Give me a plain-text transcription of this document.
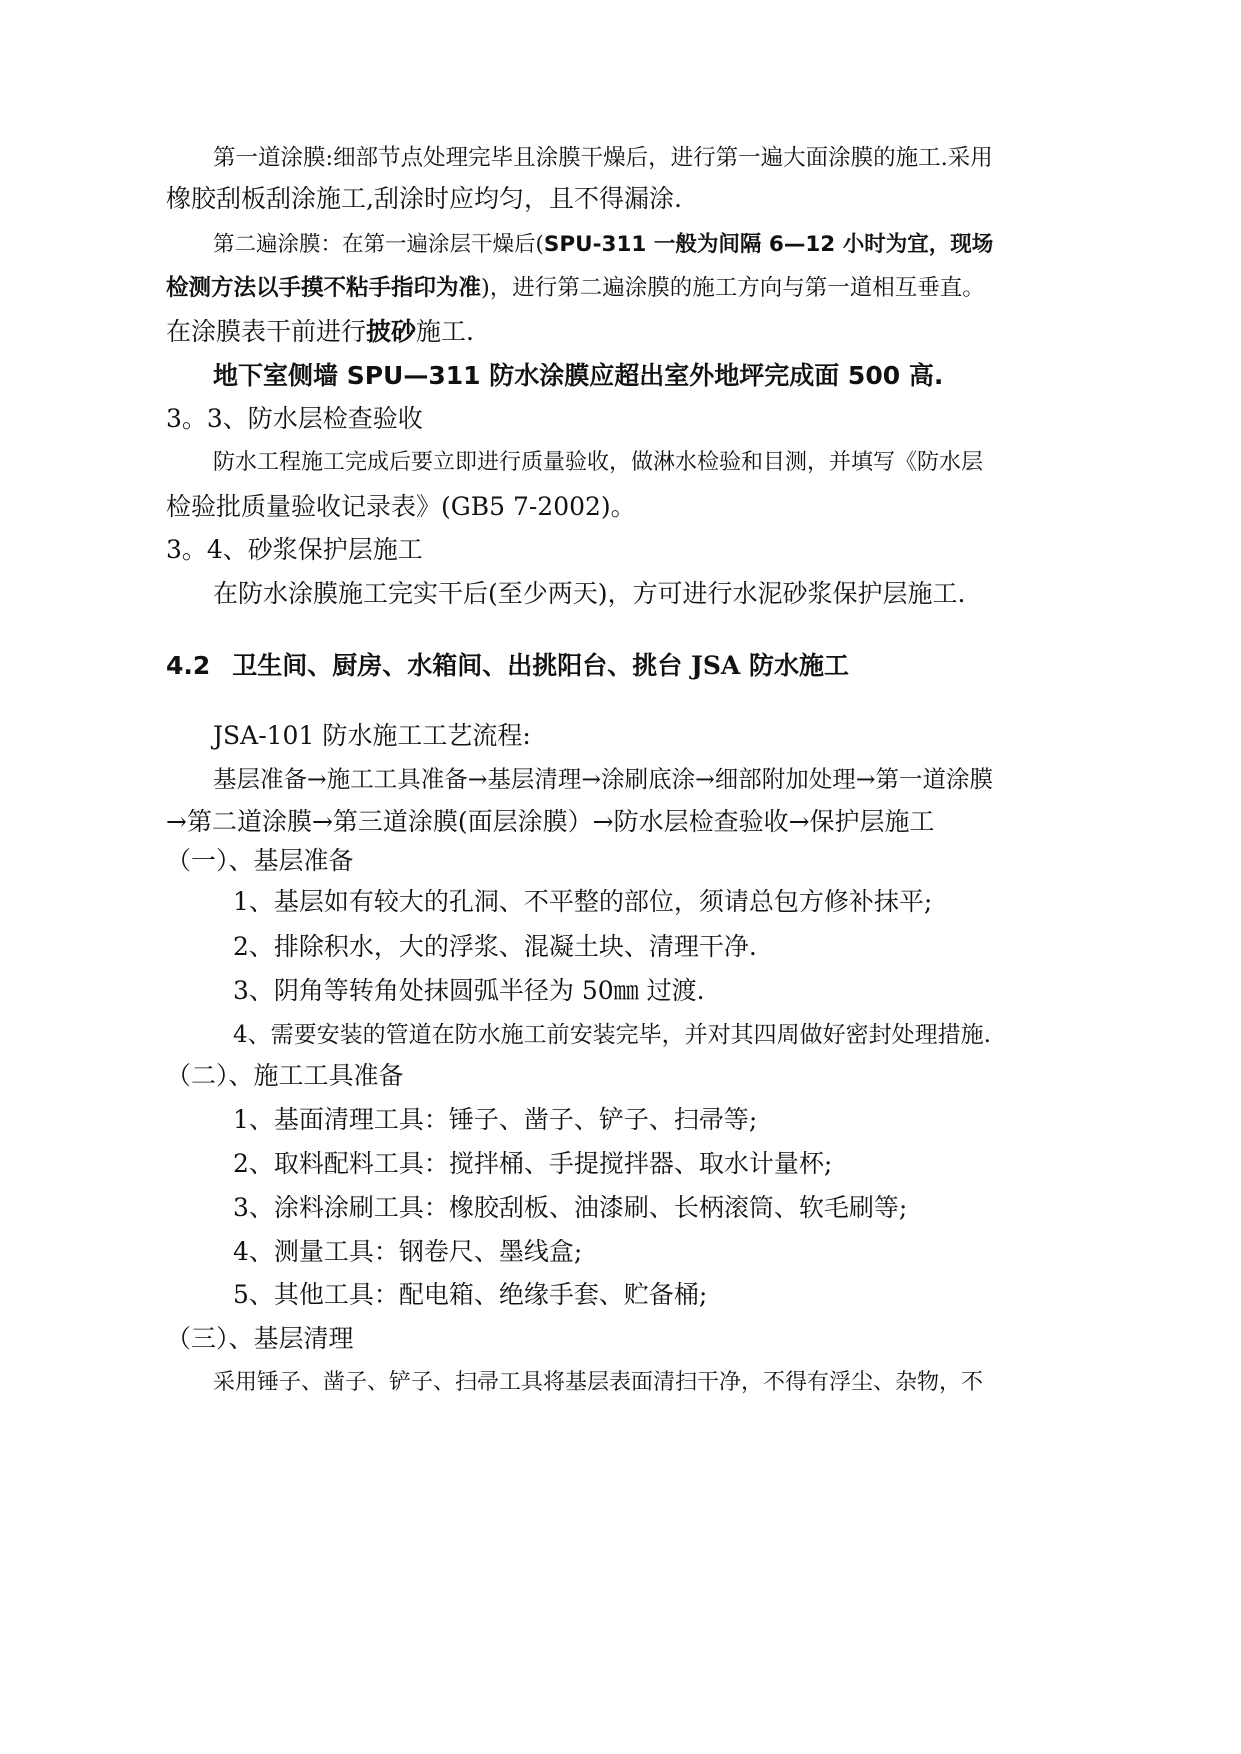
第一道涂膜:细部节点处理完毕且涂膜干燥后，进行第一遍大面涂膜的施工.采用
橡胶刮板刮涂施工,刮涂时应均匀，且不得漏涂.
第二遍涂膜：在第一遍涂层干燥后(SPU-311 一般为间隔 6—12 小时为宜，现场
检测方法以手摸不粘手指印为准)，进行第二遍涂膜的施工方向与第一道相互垂直。
在涂膜表干前进行披砂施工.
地下室侧墙 SPU—311 防水涂膜应超出室外地坪完成面 500 高.
3。3、防水层检查验收
防水工程施工完成后要立即进行质量验收，做淋水检验和目测，并填写《防水层
检验批质量验收记录表》(GB5 7-2002)。
3。4、砂浆保护层施工
在防水涂膜施工完实干后(至少两天)，方可进行水泥砂浆保护层施工.
4.2 卫生间、厨房、水箱间、出挑阳台、挑台 JSA 防水施工
JSA-101 防水施工工艺流程:
基层准备→施工工具准备→基层清理→涂刷底涂→细部附加处理→第一道涂膜
→第二道涂膜→第三道涂膜(面层涂膜）→防水层检查验收→保护层施工
（一）、基层准备
1、基层如有较大的孔洞、不平整的部位，须请总包方修补抹平;
2、排除积水，大的浮浆、混凝土块、清理干净.
3、阴角等转角处抹圆弧半径为 50㎜ 过渡.
4、需要安装的管道在防水施工前安装完毕，并对其四周做好密封处理措施.
（二）、施工工具准备
1、基面清理工具：锤子、凿子、铲子、扫帚等;
2、取料配料工具：搅拌桶、手提搅拌器、取水计量杯;
3、涂料涂刷工具：橡胶刮板、油漆刷、长柄滚筒、软毛刷等;
4、测量工具：钢卷尺、墨线盒;
5、其他工具：配电箱、绝缘手套、贮备桶;
（三）、基层清理
采用锤子、凿子、铲子、扫帚工具将基层表面清扫干净，不得有浮尘、杂物，不
